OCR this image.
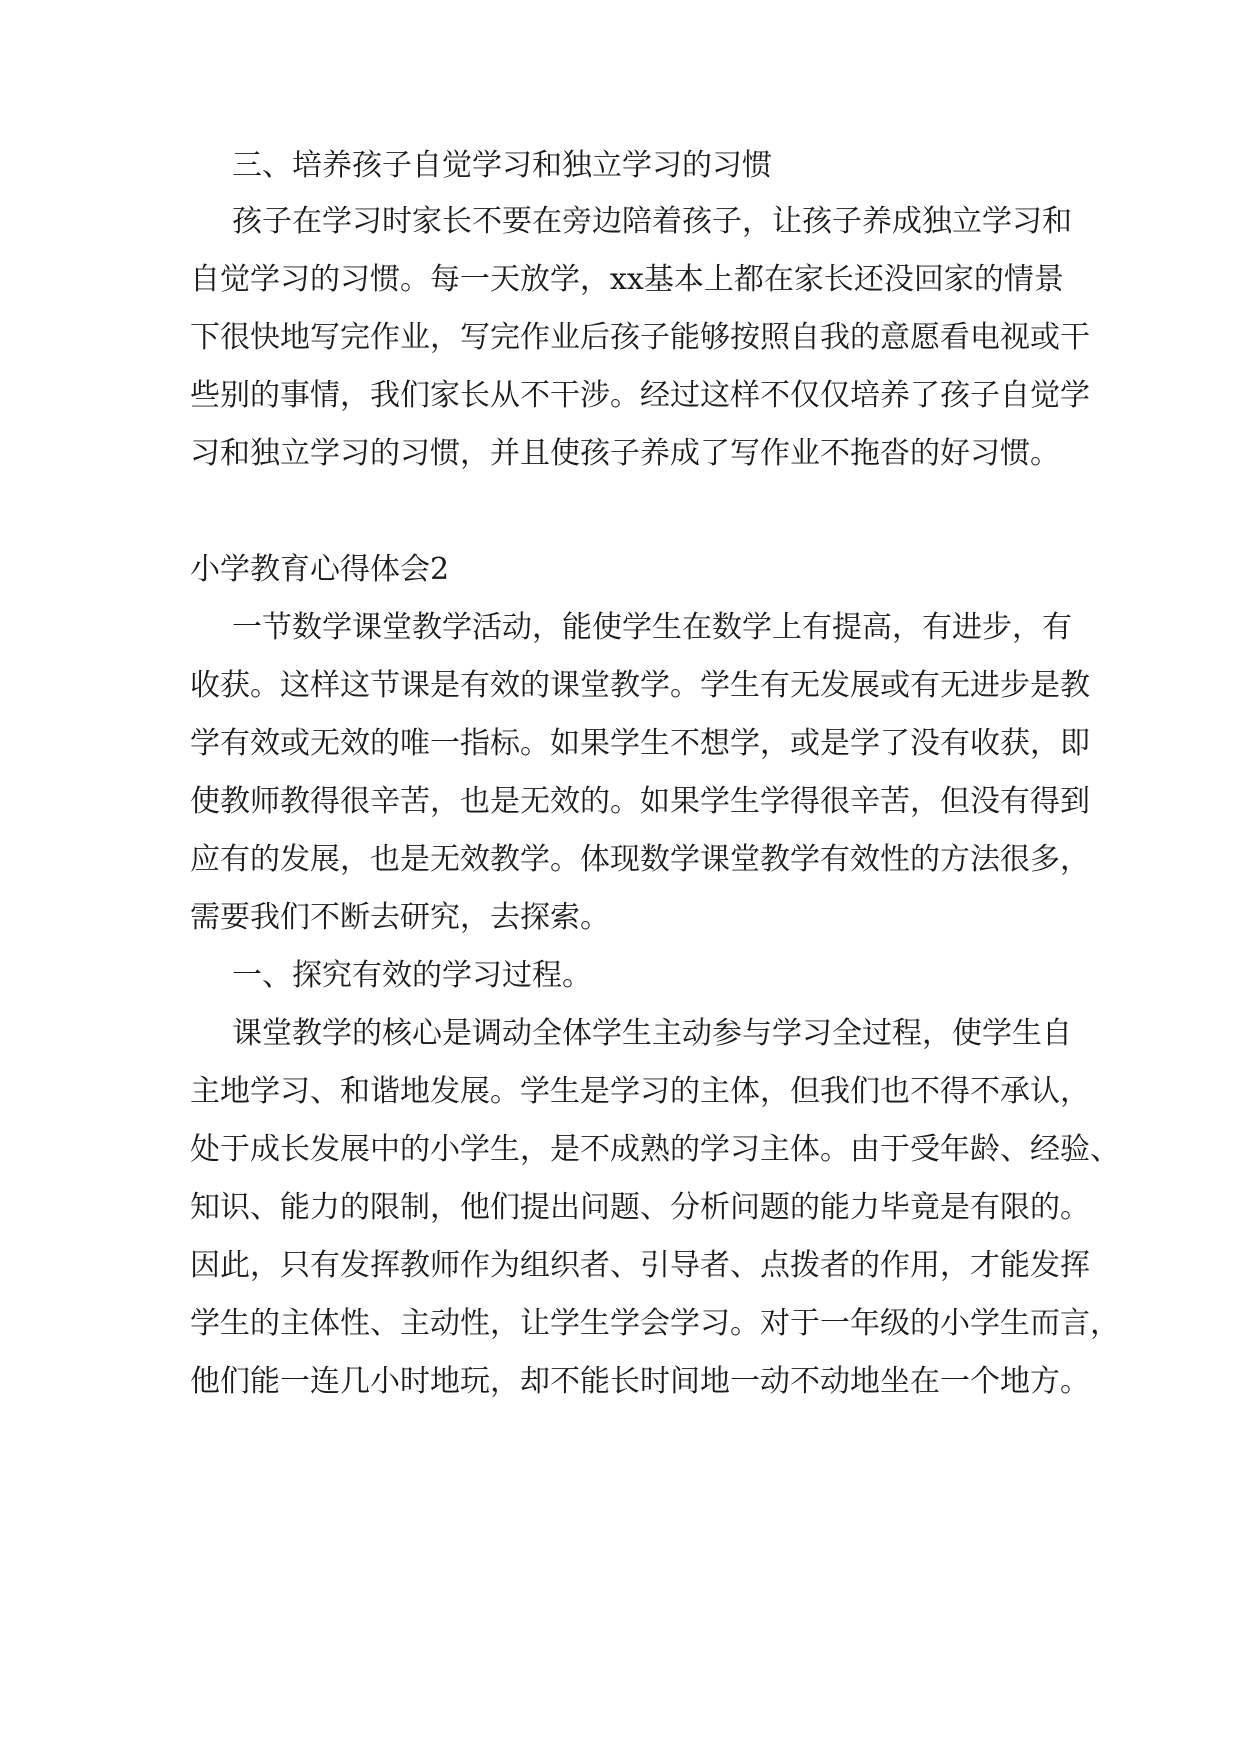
三、培养孩子自觉学习和独立学习的习惯
孩子在学习时家长不要在旁边陪着孩子，让孩子养成独立学习和
自觉学习的习惯。每一天放学，xx基本上都在家长还没回家的情景
下很快地写完作业，写完作业后孩子能够按照自我的意愿看电视或干
些别的事情，我们家长从不干涉。经过这样不仅仅培养了孩子自觉学
习和独立学习的习惯，并且使孩子养成了写作业不拖沓的好习惯。
小学教育心得体会2
一节数学课堂教学活动，能使学生在数学上有提高，有进步，有
收获。这样这节课是有效的课堂教学。学生有无发展或有无进步是教
学有效或无效的唯一指标。如果学生不想学，或是学了没有收获，即
使教师教得很辛苦，也是无效的。如果学生学得很辛苦，但没有得到
应有的发展，也是无效教学。体现数学课堂教学有效性的方法很多，
需要我们不断去研究，去探索。
一、探究有效的学习过程。
课堂教学的核心是调动全体学生主动参与学习全过程，使学生自
主地学习、和谐地发展。学生是学习的主体，但我们也不得不承认，
处于成长发展中的小学生，是不成熟的学习主体。由于受年龄、经验、
知识、能力的限制，他们提出问题、分析问题的能力毕竟是有限的。
因此，只有发挥教师作为组织者、引导者、点拨者的作用，才能发挥
学生的主体性、主动性，让学生学会学习。对于一年级的小学生而言，
他们能一连几小时地玩，却不能长时间地一动不动地坐在一个地方。
